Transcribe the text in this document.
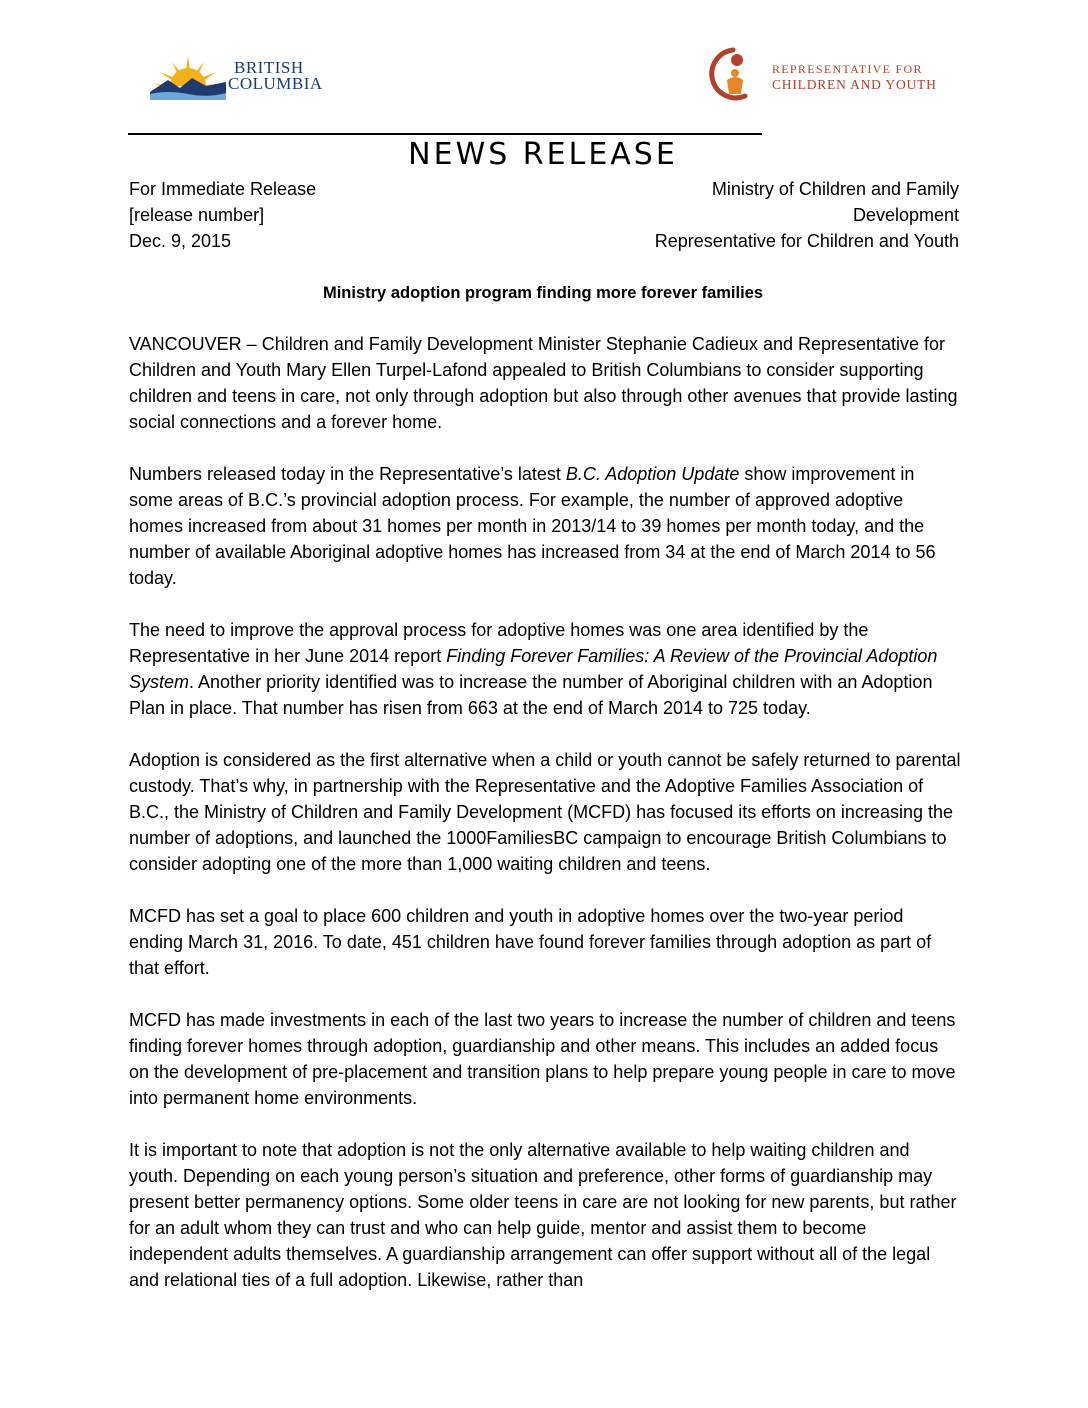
BRITISH
COLUMBIA
REPRESENTATIVE FOR
CHILDREN AND YOUTH
NEWS RELEASE
For Immediate Release
[release number]
Dec. 9, 2015
Ministry of Children and Family
Development
Representative for Children and Youth
Ministry adoption program finding more forever families

VANCOUVER – Children and Family Development Minister Stephanie Cadieux and Representative for Children and Youth Mary Ellen Turpel-Lafond appealed to British Columbians to consider supporting children and teens in care, not only through adoption but also through other avenues that provide lasting social connections and a forever home.

Numbers released today in the Representative’s latest B.C. Adoption Update show improvement in some areas of B.C.’s provincial adoption process. For example, the number of approved adoptive homes increased from about 31 homes per month in 2013/14 to 39 homes per month today, and the number of available Aboriginal adoptive homes has increased from 34 at the end of March 2014 to 56 today.

The need to improve the approval process for adoptive homes was one area identified by the Representative in her June 2014 report Finding Forever Families: A Review of the Provincial Adoption System. Another priority identified was to increase the number of Aboriginal children with an Adoption Plan in place. That number has risen from 663 at the end of March 2014 to 725 today.

Adoption is considered as the first alternative when a child or youth cannot be safely returned to parental custody. That’s why, in partnership with the Representative and the Adoptive Families Association of B.C., the Ministry of Children and Family Development (MCFD) has focused its efforts on increasing the number of adoptions, and launched the 1000FamiliesBC campaign to encourage British Columbians to consider adopting one of the more than 1,000 waiting children and teens.

MCFD has set a goal to place 600 children and youth in adoptive homes over the two-year period ending March 31, 2016. To date, 451 children have found forever families through adoption as part of that effort.

MCFD has made investments in each of the last two years to increase the number of children and teens finding forever homes through adoption, guardianship and other means. This includes an added focus on the development of pre-placement and transition plans to help prepare young people in care to move into permanent home environments.

It is important to note that adoption is not the only alternative available to help waiting children and youth. Depending on each young person’s situation and preference, other forms of guardianship may present better permanency options. Some older teens in care are not looking for new parents, but rather for an adult whom they can trust and who can help guide, mentor and assist them to become independent adults themselves. A guardianship arrangement can offer support without all of the legal and relational ties of a full adoption. Likewise, rather than
